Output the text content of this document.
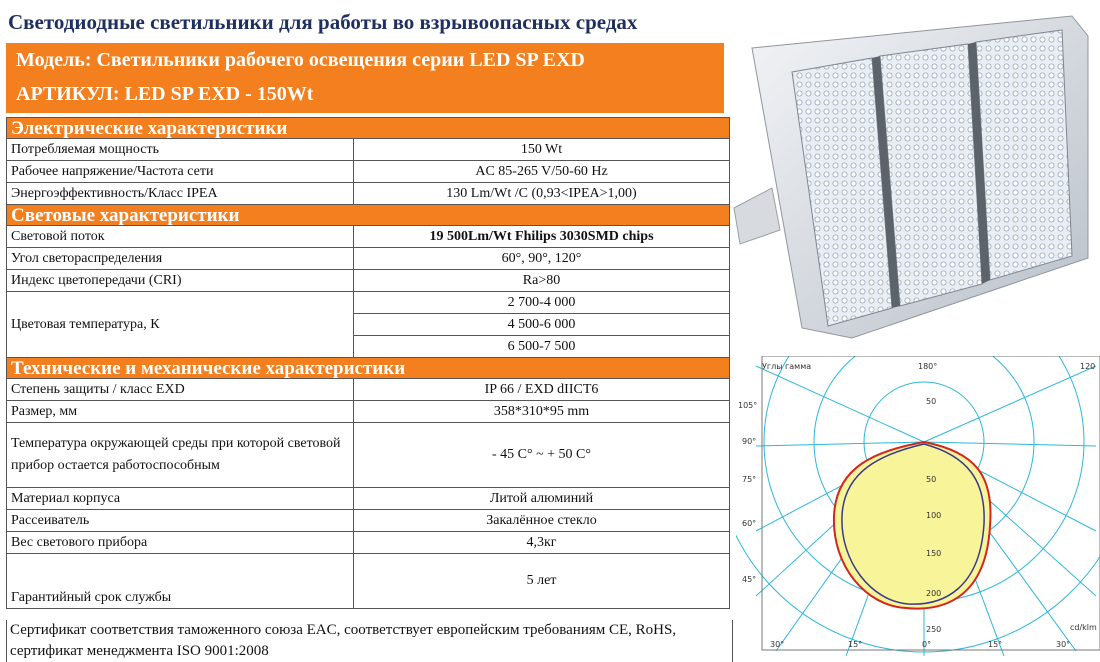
Светодиодные светильники для работы во взрывоопасных средах
Модель: Светильники рабочего освещения серии LED SP EXD
АРТИКУЛ: LED SP EXD - 150Wt
Электрические характеристики	
Потребляемая мощность	150 Wt
Рабочее напряжение/Частота сети	AC 85-265 V/50-60 Hz
Энергоэффективность/Класс IPEA	130 Lm/Wt /C (0,93<IPEA>1,00)
Световые характеристики	
Световой поток	19 500Lm/Wt Fhilips 3030SMD chips
Угол светораспределения	60°, 90°, 120°
Индекс цветопередачи (CRI)	Ra>80
Цветовая температура, К	2 700-4 000
	4 500-6 000
	6 500-7 500
Технические и механические характеристики	
Степень защиты / класс EXD	IP 66 / EXD dIICT6
Размер, мм	358*310*95 mm
Температура окружающей среды при которой световой прибор остается работоспособным	- 45 C° ~ + 50 C°
Материал корпуса	Литой алюминий
Рассеиватель	Закалённое стекло
Вес светового прибора	4,3кг
Гарантийный срок службы	5 лет
Сертификат соответствия таможенного союза EAC, соответствует европейским требованиям CE, RoHS, сертификат менеджмента ISO 9001:2008
Углы гамма	180°	120
105°
90°
75°
60°
45°
50
50
100
150
200
250
30°	15°	0°	15°	30°
cd/klm
